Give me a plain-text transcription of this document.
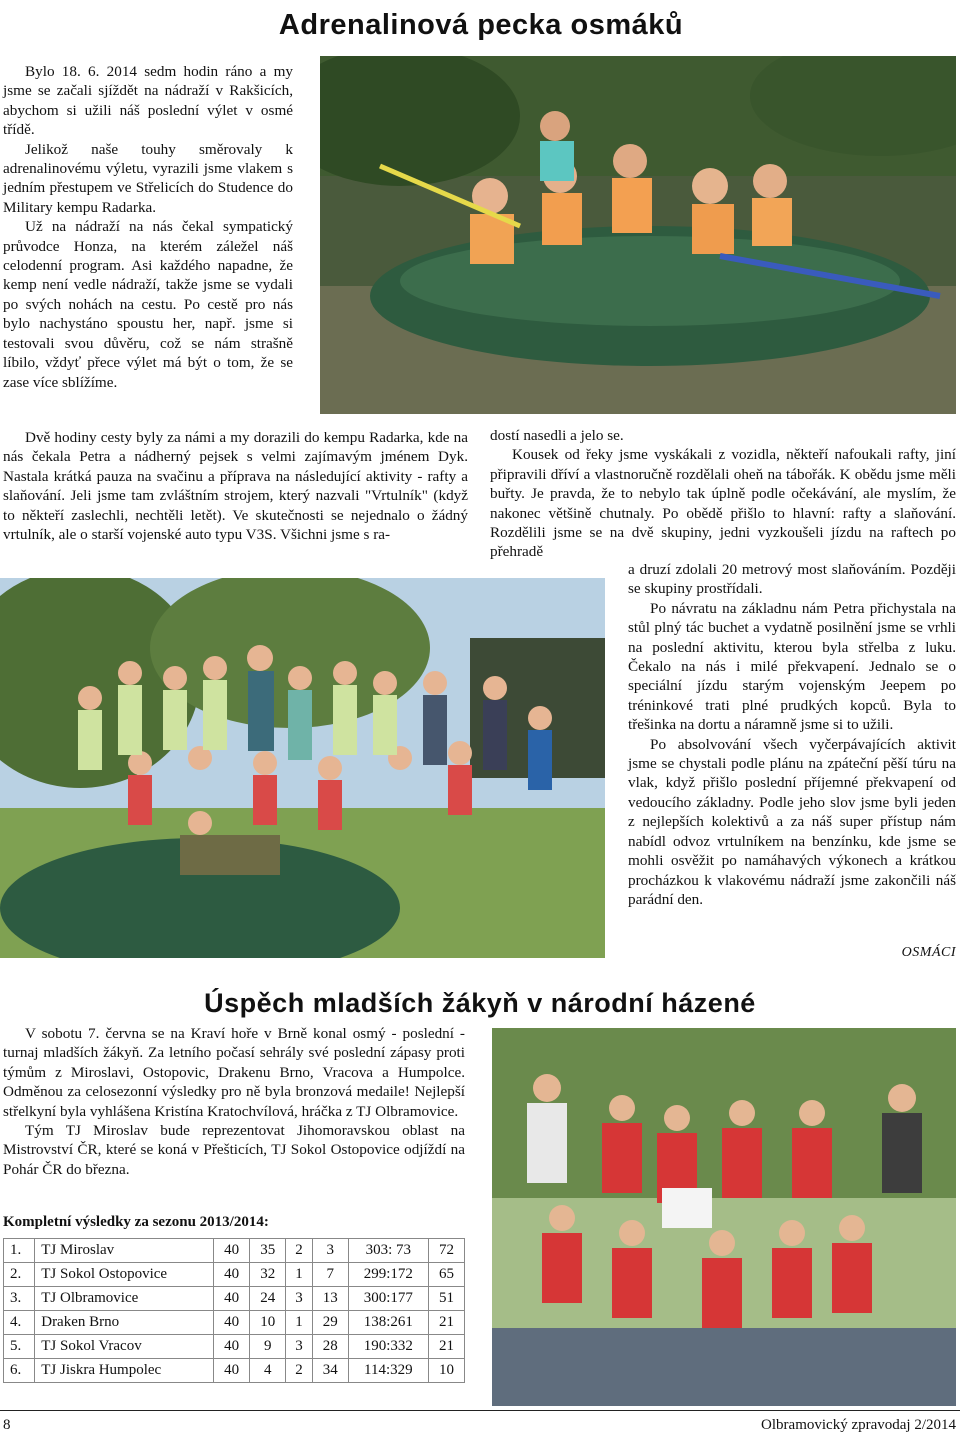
Adrenalinová pecka osmáků

Bylo 18. 6. 2014 sedm hodin ráno a my jsme se začali sjíždět na nádraží v Rakšicích, abychom si užili náš poslední výlet v osmé třídě.

Jelikož naše touhy směrovaly k adrenalinovému výletu, vyrazili jsme vlakem s jedním přestupem ve Střelicích do Studence do Military kempu Radarka.

Už na nádraží na nás čekal sympatický průvodce Honza, na kterém záležel náš celodenní program. Asi každého napadne, že kemp není vedle nádraží, takže jsme se vydali po svých nohách na cestu. Po cestě pro nás bylo nachystáno spoustu her, např. jsme si testovali svou důvěru, což se nám strašně líbilo, vždyť přece výlet má být o tom, že se zase více sblížíme.

Dvě hodiny cesty byly za námi a my dorazili do kempu Radarka, kde na nás čekala Petra a nádherný pejsek s velmi zajímavým jménem Dyk. Nastala krátká pauza na svačinu a příprava na následující aktivity - rafty a slaňování. Jeli jsme tam zvláštním strojem, který nazvali "Vrtulník" (když to někteří zaslechli, nechtěli letět). Ve skutečnosti se nejednalo o žádný vrtulník, ale o starší vojenské auto typu V3S. Všichni jsme s ra-

dostí nasedli a jelo se.

Kousek od řeky jsme vyskákali z vozidla, někteří nafoukali rafty, jiní připravili dříví a vlastnoručně rozdělali oheň na tábořák. K obědu jsme měli buřty. Je pravda, že to nebylo tak úplně podle očekávání, ale myslím, že nakonec většině chutnaly. Po obědě přišlo to hlavní: rafty a slaňování. Rozdělili jsme se na dvě skupiny, jedni vyzkoušeli jízdu na raftech po přehradě

a druzí zdolali 20 metrový most slaňováním. Později se skupiny prostřídali.

Po návratu na základnu nám Petra přichystala na stůl plný tác buchet a vydatně posilnění jsme se vrhli na poslední aktivitu, kterou byla střelba z luku. Čekalo na nás i milé překvapení. Jednalo se o speciální jízdu starým vojenským Jeepem po tréninkové trati plné prudkých kopců. Byla to třešinka na dortu a náramně jsme si to užili.

Po absolvování všech vyčerpávajících aktivit jsme se chystali podle plánu na zpáteční pěší túru na vlak, když přišlo poslední příjemné překvapení od vedoucího základny. Podle jeho slov jsme byli jeden z nejlepších kolektivů a za náš super přístup nám nabídl odvoz vrtulníkem na benzínku, kde jsme se mohli osvěžit po namáhavých výkonech a krátkou procházkou k vlakovému nádraží jsme zakončili náš parádní den.

OSMÁCI
Úspěch mladších žákyň v národní házené

V sobotu 7. června se na Kraví hoře v Brně konal osmý - poslední - turnaj mladších žákyň. Za letního počasí sehrály své poslední zápasy proti týmům z Miroslavi, Ostopovic, Drakenu Brno, Vracova a Humpolce. Odměnou za celosezonní výsledky pro ně byla bronzová medaile! Nejlepší střelkyní byla vyhlášena Kristína Kratochvílová, hráčka z TJ Olbramovice.

Tým TJ Miroslav bude reprezentovat Jihomoravskou oblast na Mistrovství ČR, které se koná v Přešticích, TJ Sokol Ostopovice odjíždí na Pohár ČR do března.

Kompletní výsledky za sezonu 2013/2014:
1.	TJ Miroslav	40	35	2	3	303: 73	72
2.	TJ Sokol Ostopovice	40	32	1	7	299:172	65
3.	TJ Olbramovice	40	24	3	13	300:177	51
4.	Draken Brno	40	10	1	29	138:261	21
5.	TJ Sokol Vracov	40	9	3	28	190:332	21
6.	TJ Jiskra Humpolec	40	4	2	34	114:329	10
8	Olbramovický zpravodaj 2/2014
